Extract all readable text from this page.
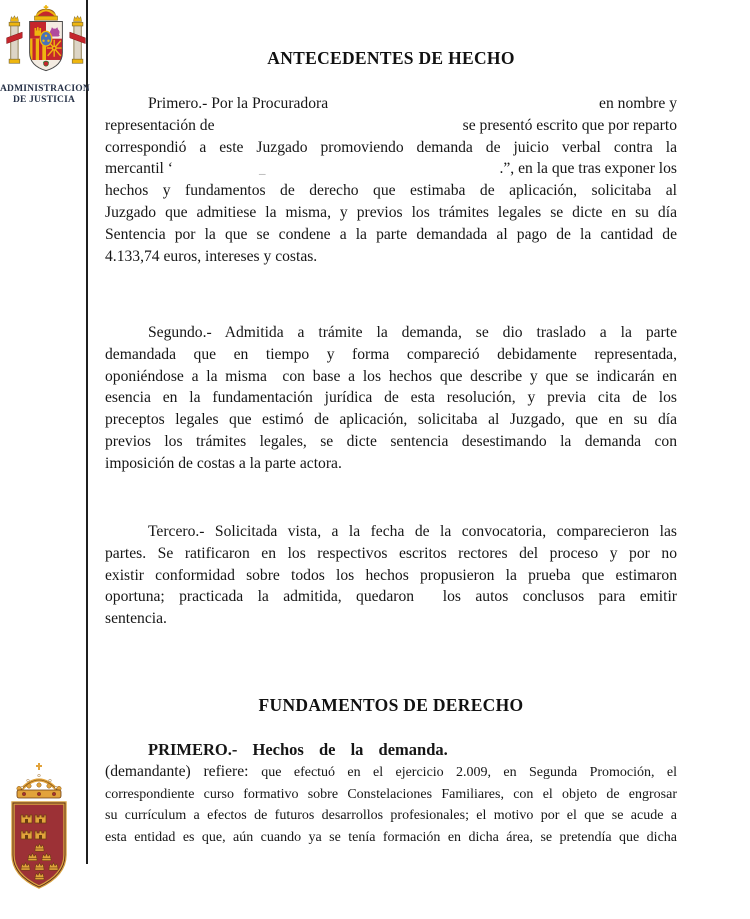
ADMINISTRACION
DE JUSTICIA
ANTECEDENTES DE HECHO
Primero.- Por la Procuradora	en nombre y
representación de	se presentó escrito que por reparto
correspondió a este Juzgado promoviendo demanda de juicio verbal contra la
mercantil ‘	_	.”, en la que tras exponer los
hechos y fundamentos de derecho que estimaba de aplicación, solicitaba al
Juzgado que admitiese la misma, y previos los trámites legales se dicte en su día
Sentencia por la que se condene a la parte demandada al pago de la cantidad de
4.133,74 euros, intereses y costas.
Segundo.- Admitida a trámite la demanda, se dio traslado a la parte
demandada que en tiempo y forma compareció debidamente representada,
oponiéndose a la misma  con base a los hechos que describe y que se indicarán en
esencia en la fundamentación jurídica de esta resolución, y previa cita de los
preceptos legales que estimó de aplicación, solicitaba al Juzgado, que en su día
previos los trámites legales, se dicte sentencia desestimando la demanda con
imposición de costas a la parte actora.
Tercero.- Solicitada vista, a la fecha de la convocatoria, comparecieron las
partes. Se ratificaron en los respectivos escritos rectores del proceso y por no
existir conformidad sobre todos los hechos propusieron la prueba que estimaron
oportuna; practicada la admitida, quedaron  los autos conclusos para emitir
sentencia.
FUNDAMENTOS DE DERECHO
PRIMERO.- Hechos de la demanda.
(demandante) refiere: que efectuó en el ejercicio 2.009, en Segunda Promoción, el
correspondiente curso formativo sobre Constelaciones Familiares, con el objeto de engrosar
su currículum a efectos de futuros desarrollos profesionales; el motivo por el que se acude a
esta entidad es que, aún cuando ya se tenía formación en dicha área, se pretendía que dicha
